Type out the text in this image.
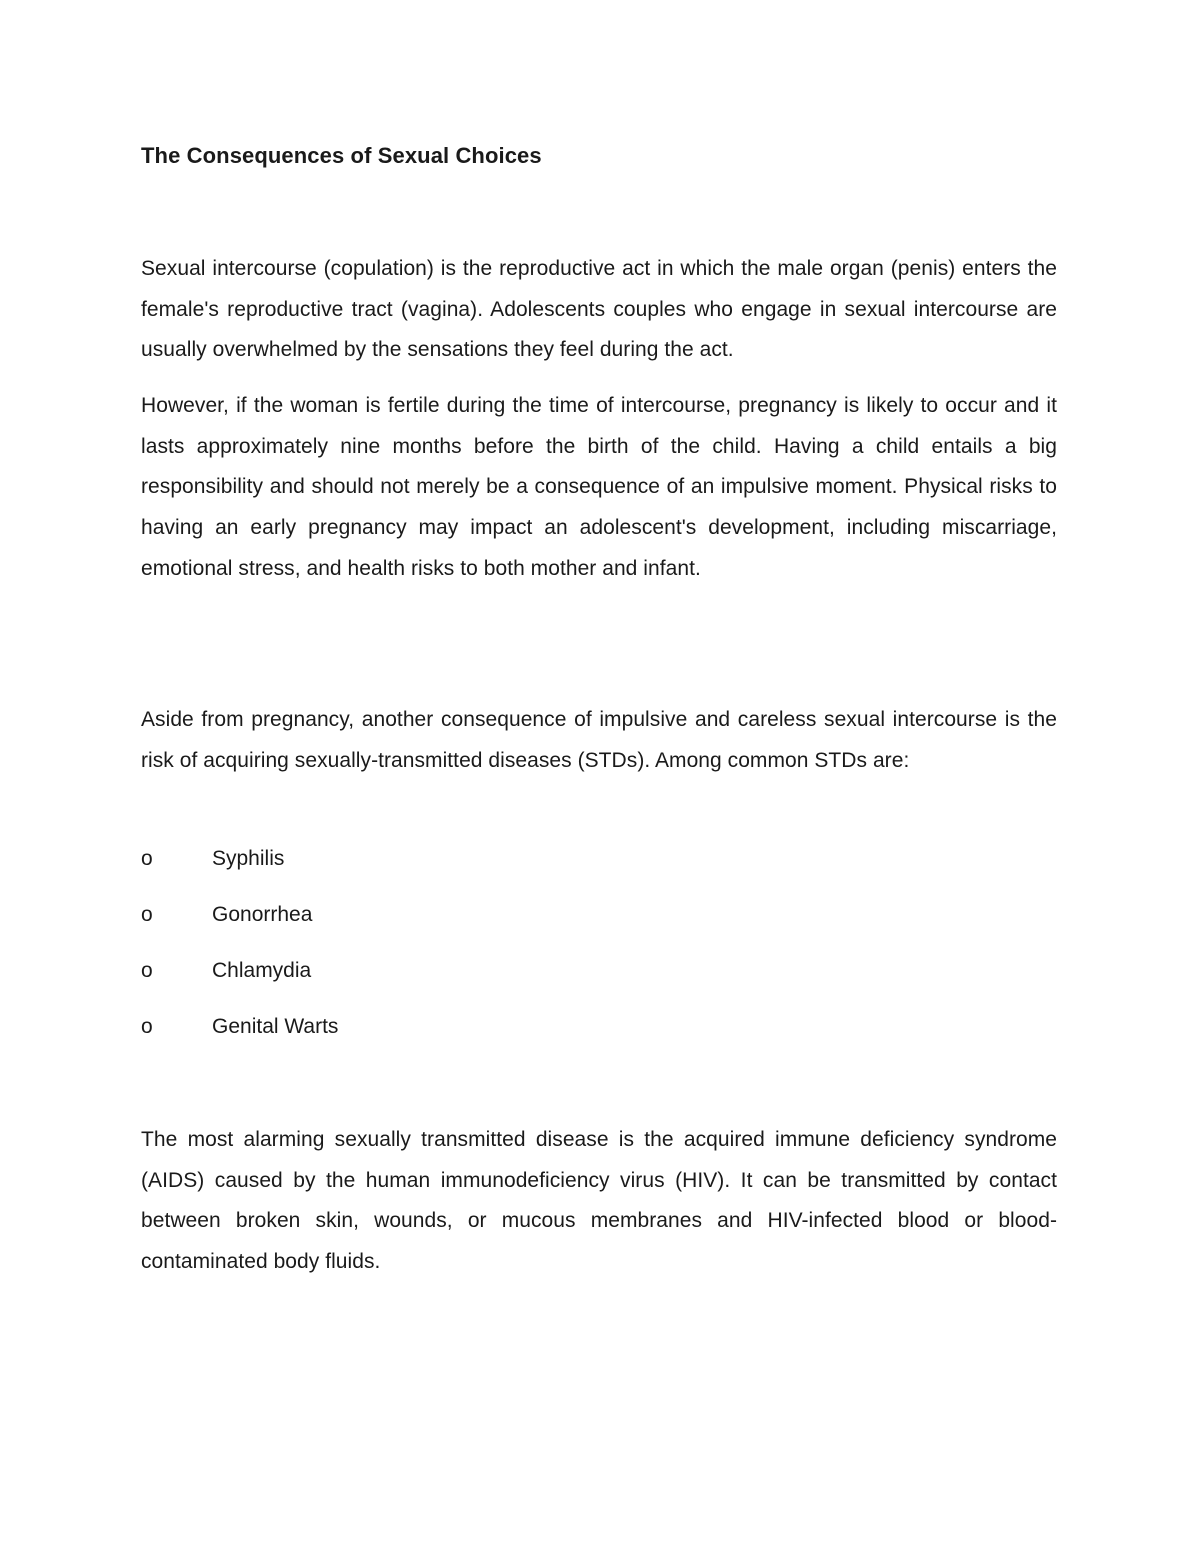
The Consequences of Sexual Choices

Sexual intercourse (copulation) is the reproductive act in which the male organ (penis) enters the female's reproductive tract (vagina). Adolescents couples who engage in sexual intercourse are usually overwhelmed by the sensations they feel during the act.

However, if the woman is fertile during the time of intercourse, pregnancy is likely to occur and it lasts approximately nine months before the birth of the child. Having a child entails a big responsibility and should not merely be a consequence of an impulsive moment. Physical risks to having an early pregnancy may impact an adolescent's development, including miscarriage, emotional stress, and health risks to both mother and infant.

Aside from pregnancy, another consequence of impulsive and careless sexual intercourse is the risk of acquiring sexually-transmitted diseases (STDs). Among common STDs are:

o	Syphilis
o	Gonorrhea
o	Chlamydia
o	Genital Warts

The most alarming sexually transmitted disease is the acquired immune deficiency syndrome (AIDS) caused by the human immunodeficiency virus (HIV). It can be transmitted by contact between broken skin, wounds, or mucous membranes and HIV-infected blood or blood-contaminated body fluids.
